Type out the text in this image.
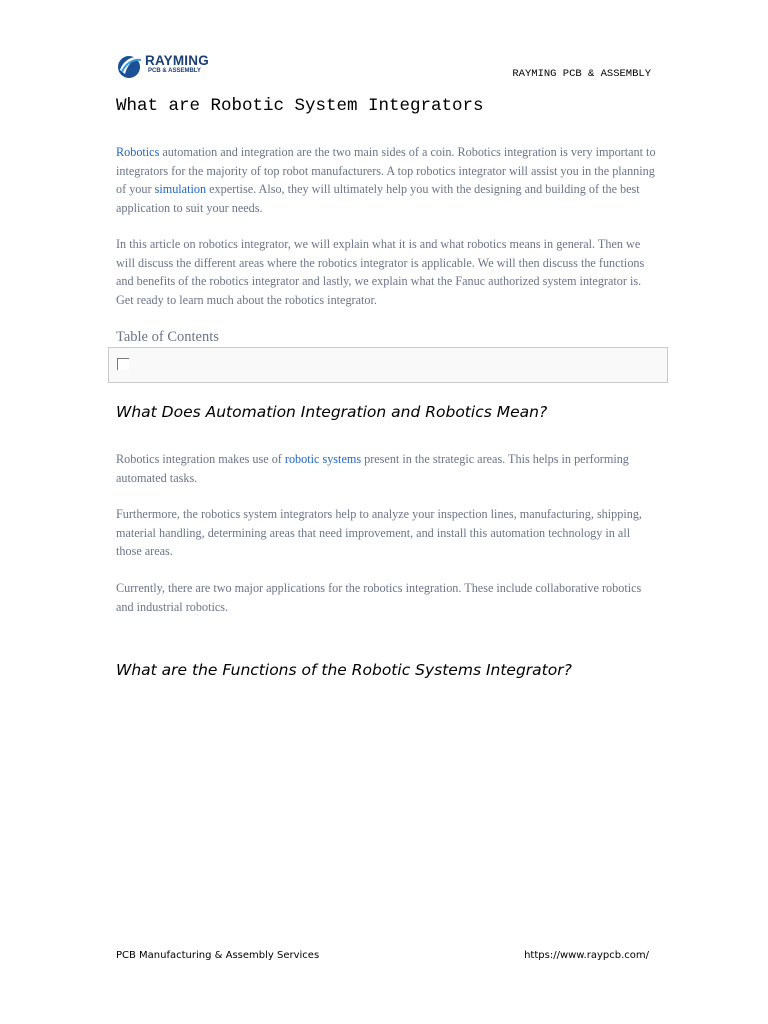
RAYMING
PCB & ASSEMBLY	RAYMING PCB & ASSEMBLY
What are Robotic System Integrators

Robotics automation and integration are the two main sides of a coin. Robotics integration is very important to integrators for the majority of top robot manufacturers. A top robotics integrator will assist you in the planning of your simulation expertise. Also, they will ultimately help you with the designing and building of the best application to suit your needs.

In this article on robotics integrator, we will explain what it is and what robotics means in general. Then we will discuss the different areas where the robotics integrator is applicable. We will then discuss the functions and benefits of the robotics integrator and lastly, we explain what the Fanuc authorized system integrator is. Get ready to learn much about the robotics integrator.

Table of Contents
What Does Automation Integration and Robotics Mean?

Robotics integration makes use of robotic systems present in the strategic areas. This helps in performing automated tasks.

Furthermore, the robotics system integrators help to analyze your inspection lines, manufacturing, shipping, material handling, determining areas that need improvement, and install this automation technology in all those areas.

Currently, there are two major applications for the robotics integration. These include collaborative robotics and industrial robotics.

What are the Functions of the Robotic Systems Integrator?
PCB Manufacturing & Assembly Services	https://www.raypcb.com/
